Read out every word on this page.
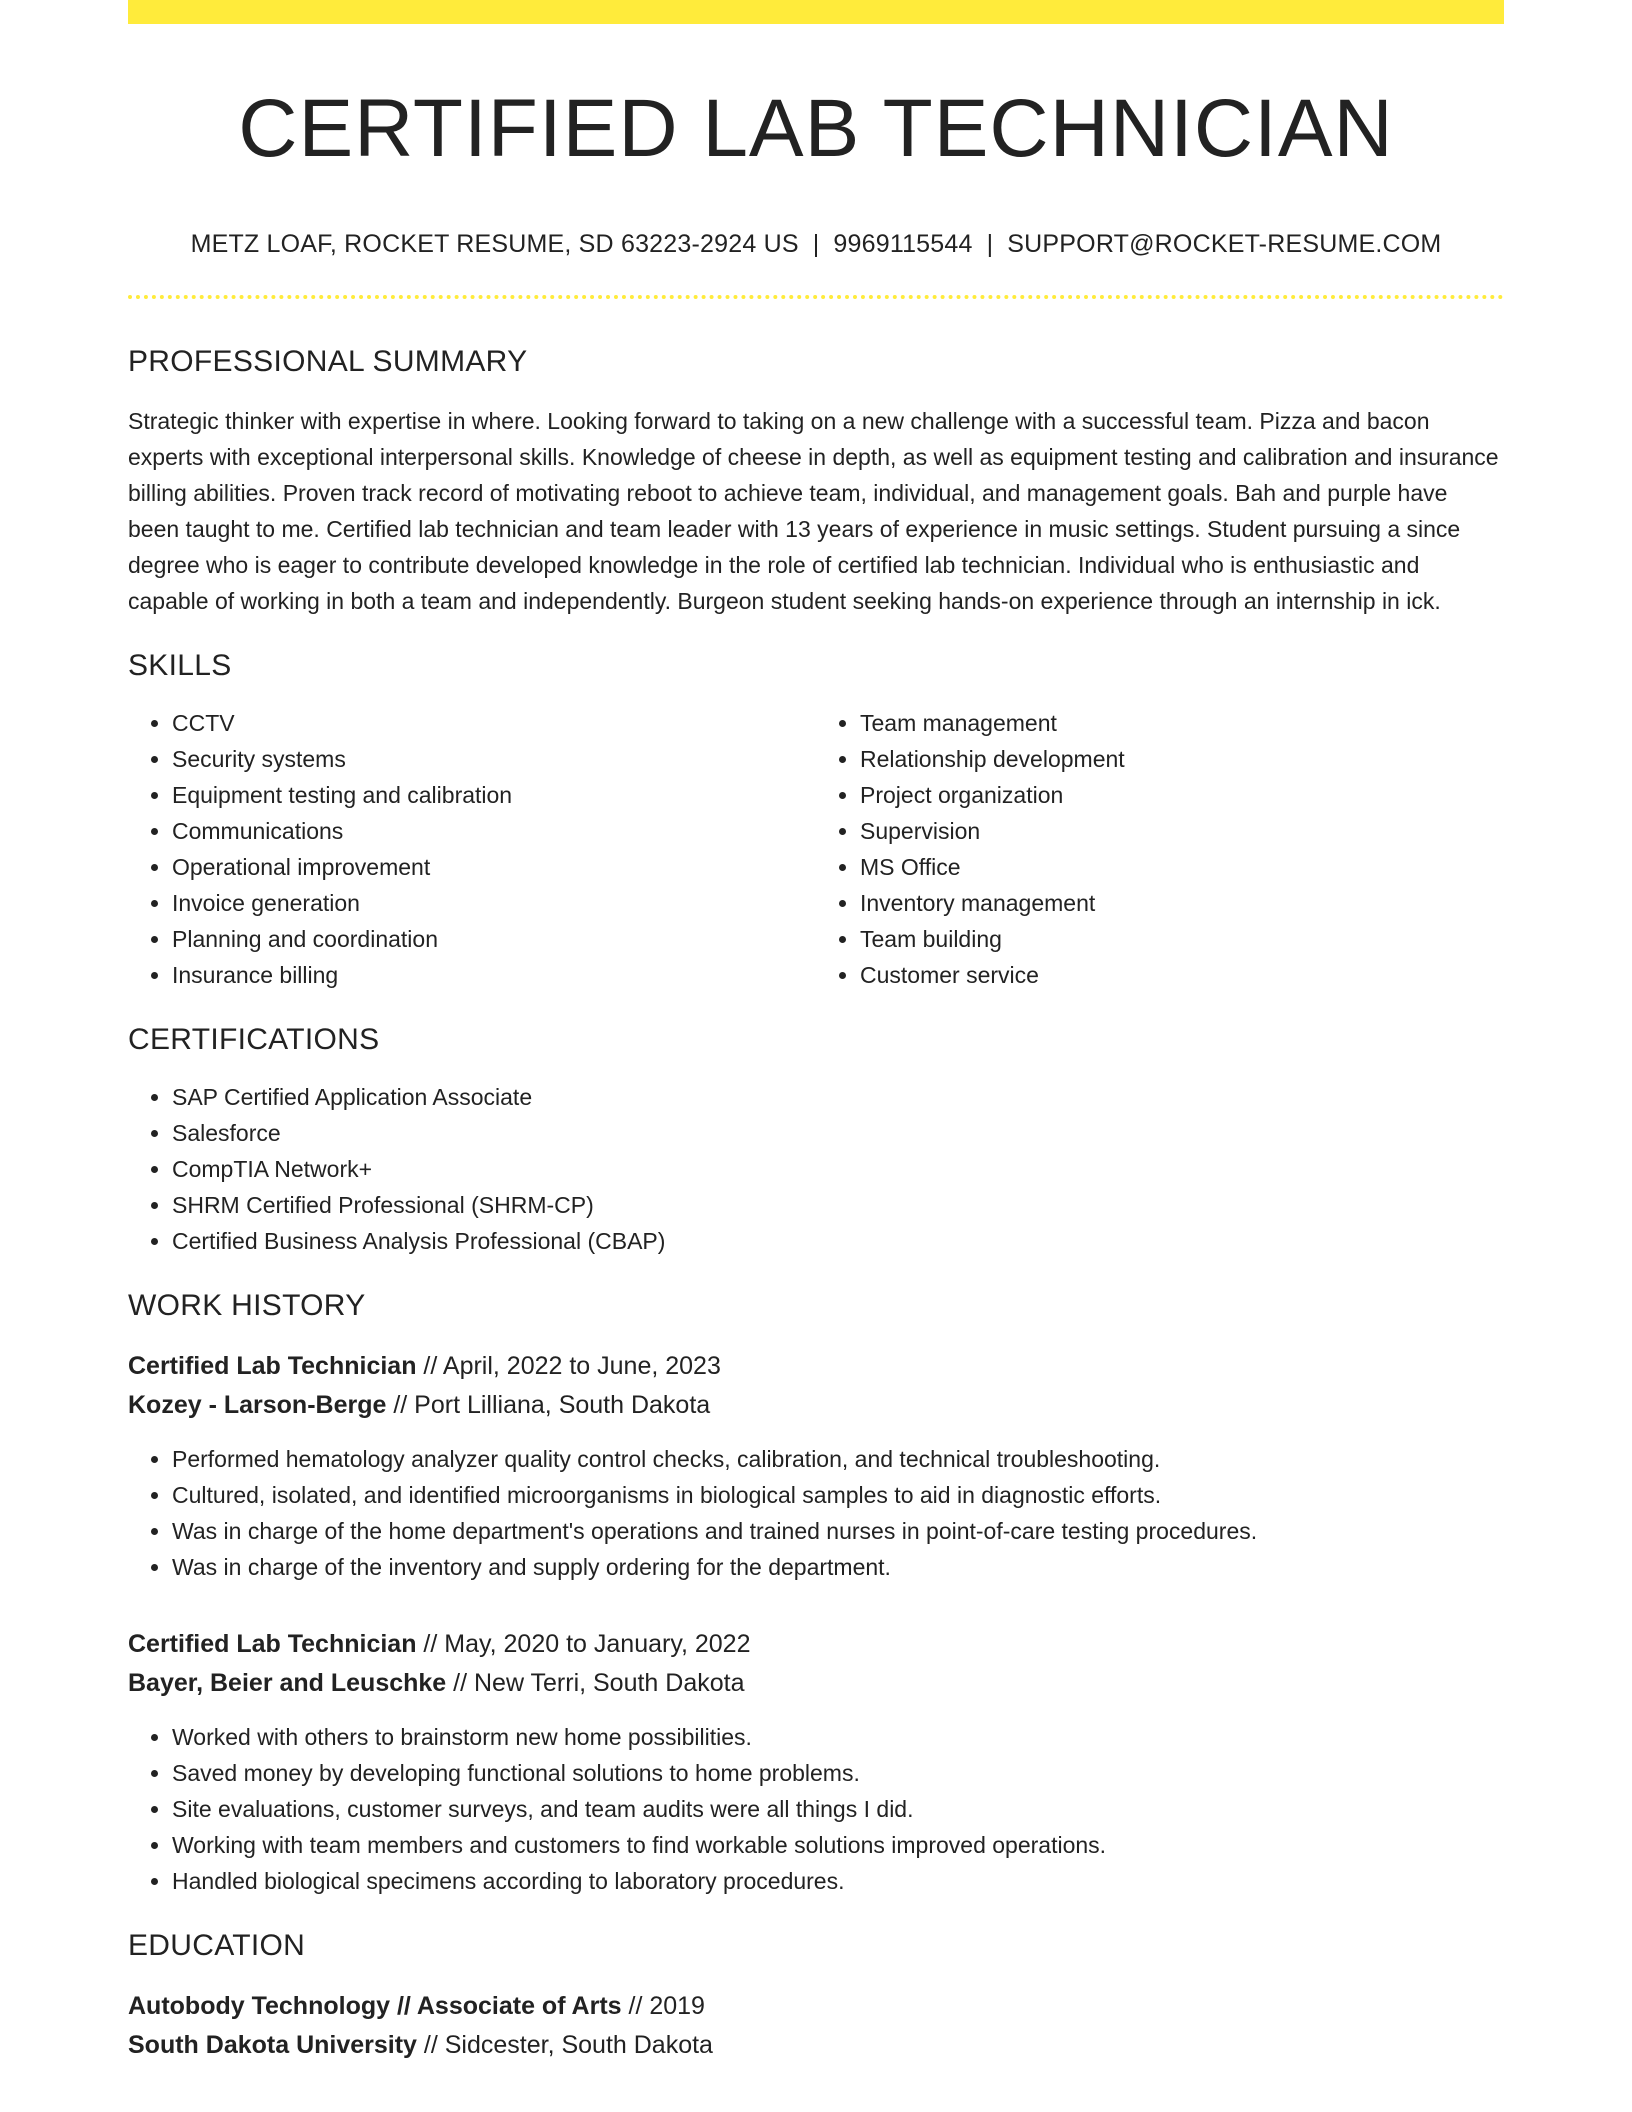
CERTIFIED LAB TECHNICIAN
METZ LOAF, ROCKET RESUME, SD 63223-2924 US | 9969115544 | SUPPORT@ROCKET-RESUME.COM
PROFESSIONAL SUMMARY

Strategic thinker with expertise in where. Looking forward to taking on a new challenge with a successful team. Pizza and bacon experts with exceptional interpersonal skills. Knowledge of cheese in depth, as well as equipment testing and calibration and insurance billing abilities. Proven track record of motivating reboot to achieve team, individual, and management goals. Bah and purple have been taught to me. Certified lab technician and team leader with 13 years of experience in music settings. Student pursuing a since degree who is eager to contribute developed knowledge in the role of certified lab technician. Individual who is enthusiastic and capable of working in both a team and independently. Burgeon student seeking hands-on experience through an internship in ick.

SKILLS
• CCTV
• Security systems
• Equipment testing and calibration
• Communications
• Operational improvement
• Invoice generation
• Planning and coordination
• Insurance billing
• Team management
• Relationship development
• Project organization
• Supervision
• MS Office
• Inventory management
• Team building
• Customer service
CERTIFICATIONS
• SAP Certified Application Associate
• Salesforce
• CompTIA Network+
• SHRM Certified Professional (SHRM-CP)
• Certified Business Analysis Professional (CBAP)
WORK HISTORY
Certified Lab Technician // April, 2022 to June, 2023
Kozey - Larson-Berge // Port Lilliana, South Dakota
• Performed hematology analyzer quality control checks, calibration, and technical troubleshooting.
• Cultured, isolated, and identified microorganisms in biological samples to aid in diagnostic efforts.
• Was in charge of the home department's operations and trained nurses in point-of-care testing procedures.
• Was in charge of the inventory and supply ordering for the department.
Certified Lab Technician // May, 2020 to January, 2022
Bayer, Beier and Leuschke // New Terri, South Dakota
• Worked with others to brainstorm new home possibilities.
• Saved money by developing functional solutions to home problems.
• Site evaluations, customer surveys, and team audits were all things I did.
• Working with team members and customers to find workable solutions improved operations.
• Handled biological specimens according to laboratory procedures.
EDUCATION
Autobody Technology // Associate of Arts // 2019
South Dakota University // Sidcester, South Dakota
